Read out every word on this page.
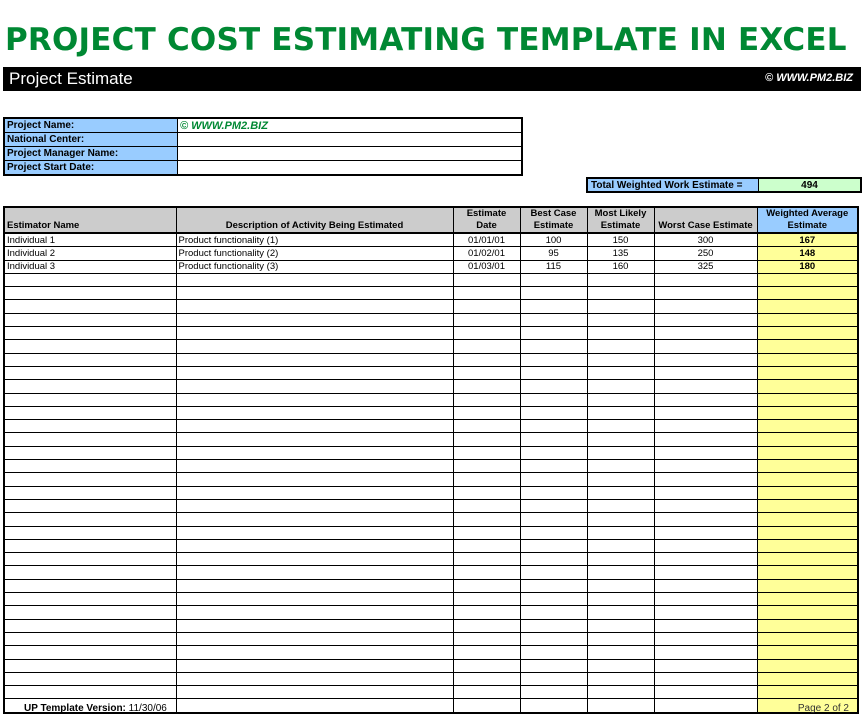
PROJECT COST ESTIMATING TEMPLATE IN EXCEL
Project Estimate	© WWW.PM2.BIZ
Project Name:	© WWW.PM2.BIZ
National Center:	
Project Manager Name:	
Project Start Date:	
Total Weighted Work Estimate =	494
Estimator Name	Description of Activity Being Estimated	Estimate Date	Best Case Estimate	Most Likely Estimate	Worst Case Estimate	Weighted Average Estimate
Individual 1	Product functionality (1)	01/01/01	100	150	300	167
Individual 2	Product functionality (2)	01/02/01	95	135	250	148
Individual 3	Product functionality (3)	01/03/01	115	160	325	180

UP Template Version: 11/30/06	Page 2 of 2
